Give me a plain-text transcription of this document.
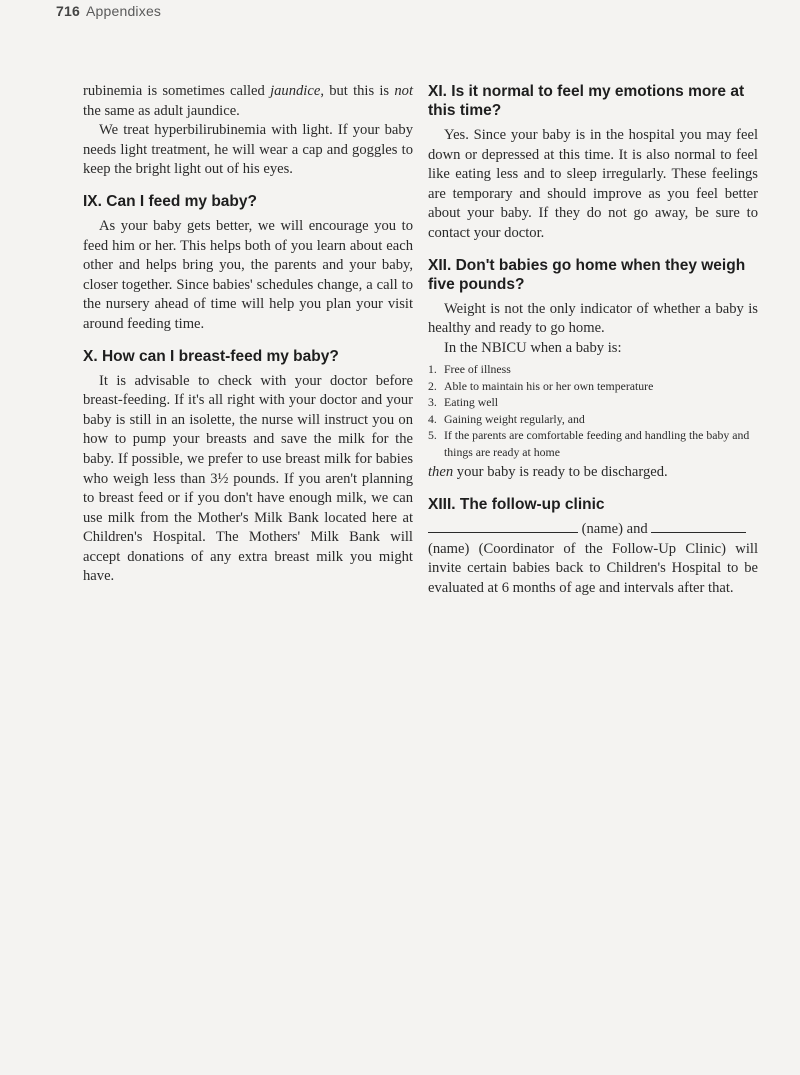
716 Appendixes

rubinemia is sometimes called jaundice, but this is not the same as adult jaundice.

We treat hyperbilirubinemia with light. If your baby needs light treatment, he will wear a cap and goggles to keep the bright light out of his eyes.

IX. Can I feed my baby?

As your baby gets better, we will encourage you to feed him or her. This helps both of you learn about each other and helps bring you, the parents and your baby, closer together. Since babies' schedules change, a call to the nursery ahead of time will help you plan your visit around feeding time.

X. How can I breast-feed my baby?

It is advisable to check with your doctor before breast-feeding. If it's all right with your doctor and your baby is still in an isolette, the nurse will instruct you on how to pump your breasts and save the milk for the baby. If possible, we prefer to use breast milk for babies who weigh less than 3½ pounds. If you aren't planning to breast feed or if you don't have enough milk, we can use milk from the Mother's Milk Bank located here at Children's Hospital. The Mothers' Milk Bank will accept donations of any extra breast milk you might have.

XI. Is it normal to feel my emotions more at this time?

Yes. Since your baby is in the hospital you may feel down or depressed at this time. It is also normal to feel like eating less and to sleep irregularly. These feelings are temporary and should improve as you feel better about your baby. If they do not go away, be sure to contact your doctor.

XII. Don't babies go home when they weigh five pounds?

Weight is not the only indicator of whether a baby is healthy and ready to go home.

In the NBICU when a baby is:

1. Free of illness
2. Able to maintain his or her own temperature
3. Eating well
4. Gaining weight regularly, and
5. If the parents are comfortable feeding and handling the baby and things are ready at home

then your baby is ready to be discharged.

XIII. The follow-up clinic

(name) and

(name) (Coordinator of the Follow-Up Clinic) will invite certain babies back to Children's Hospital to be evaluated at 6 months of age and intervals after that.
